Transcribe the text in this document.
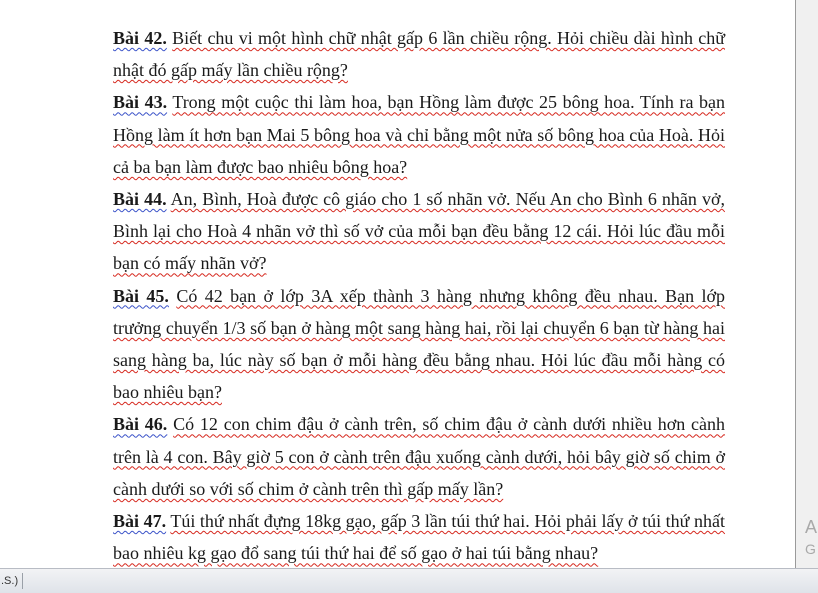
Bài 42. Biết chu vi một hình chữ nhật gấp 6 lần chiều rộng. Hỏi chiều dài hình chữ nhật đó gấp mấy lần chiều rộng?

Bài 43. Trong một cuộc thi làm hoa, bạn Hồng làm được 25 bông hoa. Tính ra bạn Hồng làm ít hơn bạn Mai 5 bông hoa và chỉ bằng một nửa số bông hoa của Hoà. Hỏi cả ba bạn làm được bao nhiêu bông hoa?

Bài 44. An, Bình, Hoà được cô giáo cho 1 số nhãn vở. Nếu An cho Bình 6 nhãn vở, Bình lại cho Hoà 4 nhãn vở thì số vở của mỗi bạn đều bằng 12 cái. Hỏi lúc đầu mỗi bạn có mấy nhãn vở?

Bài 45. Có 42 bạn ở lớp 3A xếp thành 3 hàng nhưng không đều nhau. Bạn lớp trưởng chuyển 1/3 số bạn ở hàng một sang hàng hai, rồi lại chuyển 6 bạn từ hàng hai sang hàng ba, lúc này số bạn ở mỗi hàng đều bằng nhau. Hỏi lúc đầu mỗi hàng có bao nhiêu bạn?

Bài 46. Có 12 con chim đậu ở cành trên, số chim đậu ở cành dưới nhiều hơn cành trên là 4 con. Bây giờ 5 con ở cành trên đậu xuống cành dưới, hỏi bây giờ số chim ở cành dưới so với số chim ở cành trên thì gấp mấy lần?

Bài 47. Túi thứ nhất đựng 18kg gạo, gấp 3 lần túi thứ hai. Hỏi phải lấy ở túi thứ nhất bao nhiêu kg gạo đổ sang túi thứ hai để số gạo ở hai túi bằng nhau?

A
G
.S.)
